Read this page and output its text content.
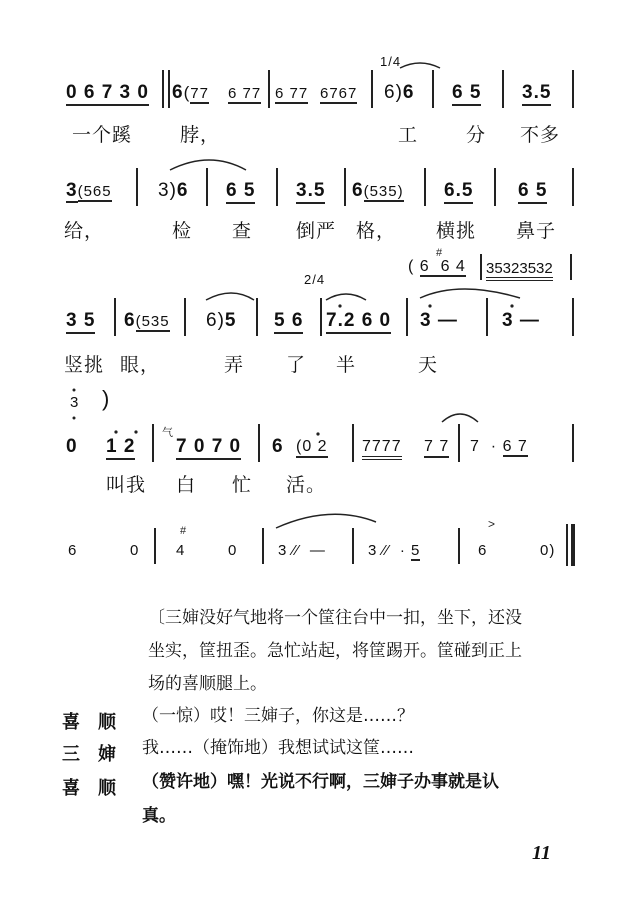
1/4
0 6 7 3 0 6(77 6 77 6 77 6767 6)6 6 5 3.5
一个蹊	脖，	工	分 不多
3(565 3)6 6 5 3.5 6(535) 6.5 6 5
给，	检 查 倒严 格， 横挑 鼻子
( 6  6 4 35323532
2/4
3 5 6(535 6)5 5 6 7.2 6 0 3 — 3 —
竖挑 眼，	弄 了 半	天
3 )
0 1 2 7 0 7 0 6 (0 2 7777 7 7 7  · 6 7
叫我 白 忙 活。
6	0 4	0	3 ⁄⁄  —	3 ⁄⁄  · 5	6	0)
>
#
#
气
〔三婶没好气地将一个筐往台中一扣，坐下，还没
坐实，筐扭歪。急忙站起，将筐踢开。筐碰到正上
场的喜顺腿上。
喜　顺 （一惊）哎！三婶子，你这是……？
三　婶 我……（掩饰地）我想试试这筐……
喜　顺 （赞许地）嘿！光说不行啊，三婶子办事就是认
真。
11
